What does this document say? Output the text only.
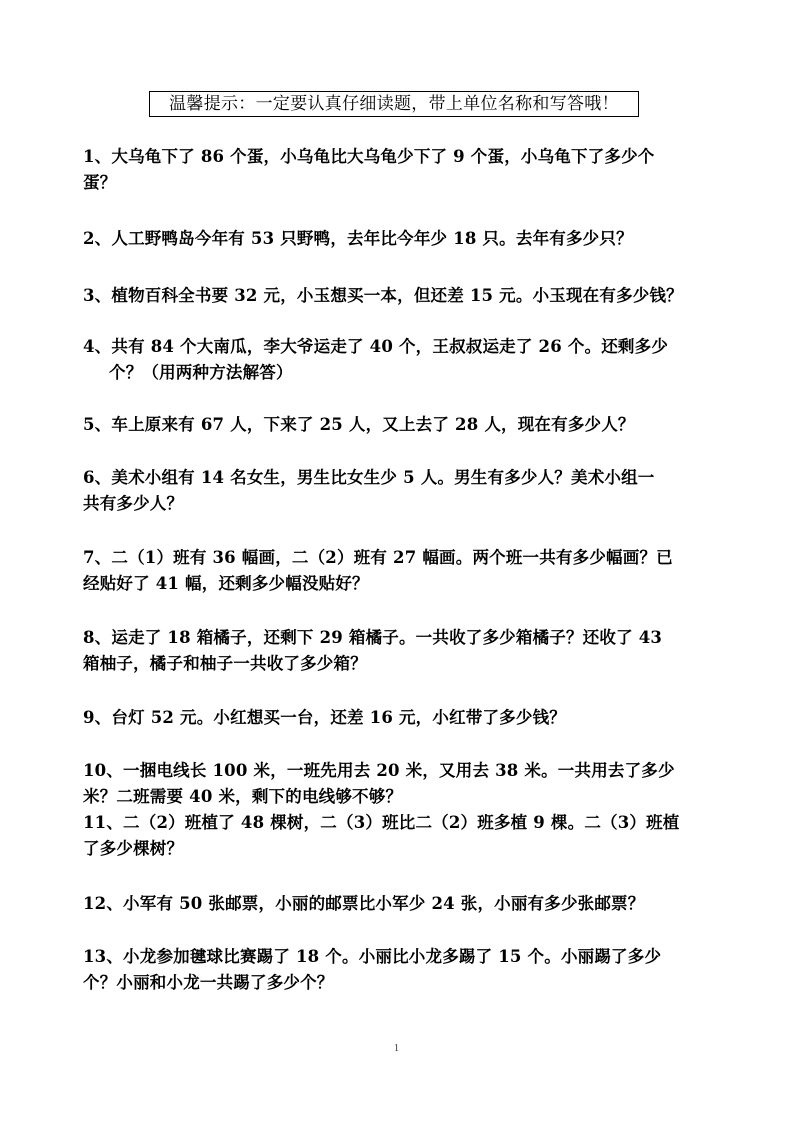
温馨提示：一定要认真仔细读题，带上单位名称和写答哦！
1、大乌龟下了 86 个蛋，小乌龟比大乌龟少下了 9 个蛋，小乌龟下了多少个
蛋？
2、人工野鸭岛今年有 53 只野鸭，去年比今年少 18 只。去年有多少只？
3、植物百科全书要 32 元，小玉想买一本，但还差 15 元。小玉现在有多少钱？
4、共有 84 个大南瓜，李大爷运走了 40 个，王叔叔运走了 26 个。还剩多少
个？（用两种方法解答）
5、车上原来有 67 人，下来了 25 人，又上去了 28 人，现在有多少人？
6、美术小组有 14 名女生，男生比女生少 5 人。男生有多少人？美术小组一
共有多少人？
7、二（1）班有 36 幅画，二（2）班有 27 幅画。两个班一共有多少幅画？已
经贴好了 41 幅，还剩多少幅没贴好？
8、运走了 18 箱橘子，还剩下 29 箱橘子。一共收了多少箱橘子？还收了 43
箱柚子，橘子和柚子一共收了多少箱？
9、台灯 52 元。小红想买一台，还差 16 元，小红带了多少钱？
10、一捆电线长 100 米，一班先用去 20 米，又用去 38 米。一共用去了多少
米？二班需要 40 米，剩下的电线够不够？
11、二（2）班植了 48 棵树，二（3）班比二（2）班多植 9 棵。二（3）班植
了多少棵树？
12、小军有 50 张邮票，小丽的邮票比小军少 24 张，小丽有多少张邮票？
13、小龙参加毽球比赛踢了 18 个。小丽比小龙多踢了 15 个。小丽踢了多少
个？小丽和小龙一共踢了多少个？
1
